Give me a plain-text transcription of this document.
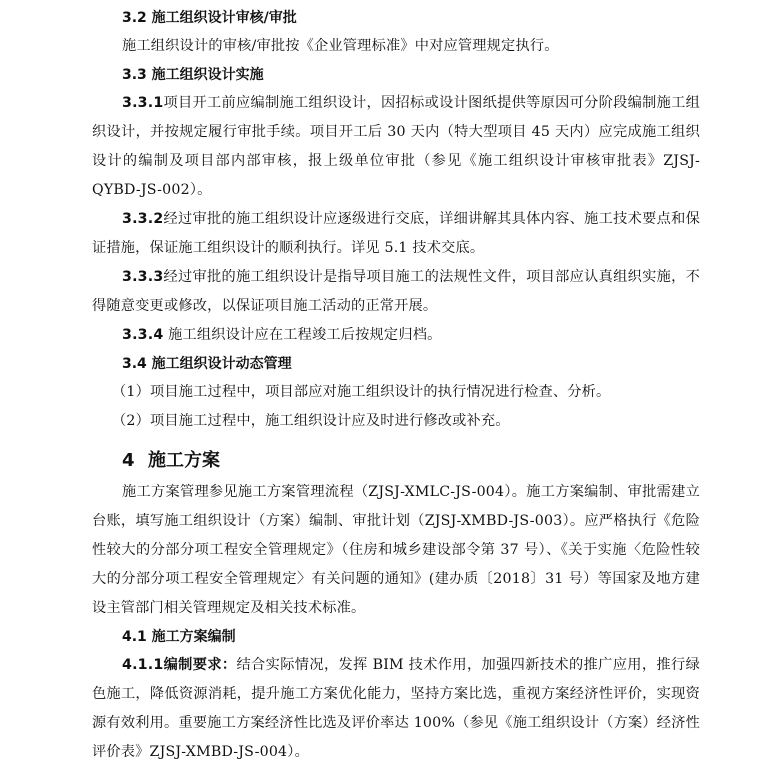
3.2 施工组织设计审核/审批

施工组织设计的审核/审批按《企业管理标准》中对应管理规定执行。

3.3 施工组织设计实施

3.3.1项目开工前应编制施工组织设计，因招标或设计图纸提供等原因可分阶段编制施工组织设计，并按规定履行审批手续。项目开工后 30 天内（特大型项目 45 天内）应完成施工组织设计的编制及项目部内部审核，报上级单位审批（参见《施工组织设计审核审批表》ZJSJ-QYBD-JS-002）。

3.3.2经过审批的施工组织设计应逐级进行交底，详细讲解其具体内容、施工技术要点和保证措施，保证施工组织设计的顺利执行。详见 5.1 技术交底。

3.3.3经过审批的施工组织设计是指导项目施工的法规性文件，项目部应认真组织实施，不得随意变更或修改，以保证项目施工活动的正常开展。

3.3.4 施工组织设计应在工程竣工后按规定归档。

3.4 施工组织设计动态管理

（1）项目施工过程中，项目部应对施工组织设计的执行情况进行检查、分析。

（2）项目施工过程中，施工组织设计应及时进行修改或补充。

4 施工方案

施工方案管理参见施工方案管理流程（ZJSJ-XMLC-JS-004）。施工方案编制、审批需建立台账，填写施工组织设计（方案）编制、审批计划（ZJSJ-XMBD-JS-003）。应严格执行《危险性较大的分部分项工程安全管理规定》（住房和城乡建设部令第 37 号）、《关于实施〈危险性较大的分部分项工程安全管理规定〉有关问题的通知》(建办质〔2018〕31 号）等国家及地方建设主管部门相关管理规定及相关技术标准。

4.1 施工方案编制

4.1.1编制要求：结合实际情况，发挥 BIM 技术作用，加强四新技术的推广应用，推行绿色施工，降低资源消耗，提升施工方案优化能力，坚持方案比选，重视方案经济性评价，实现资源有效利用。重要施工方案经济性比选及评价率达 100%（参见《施工组织设计（方案）经济性评价表》ZJSJ-XMBD-JS-004）。
